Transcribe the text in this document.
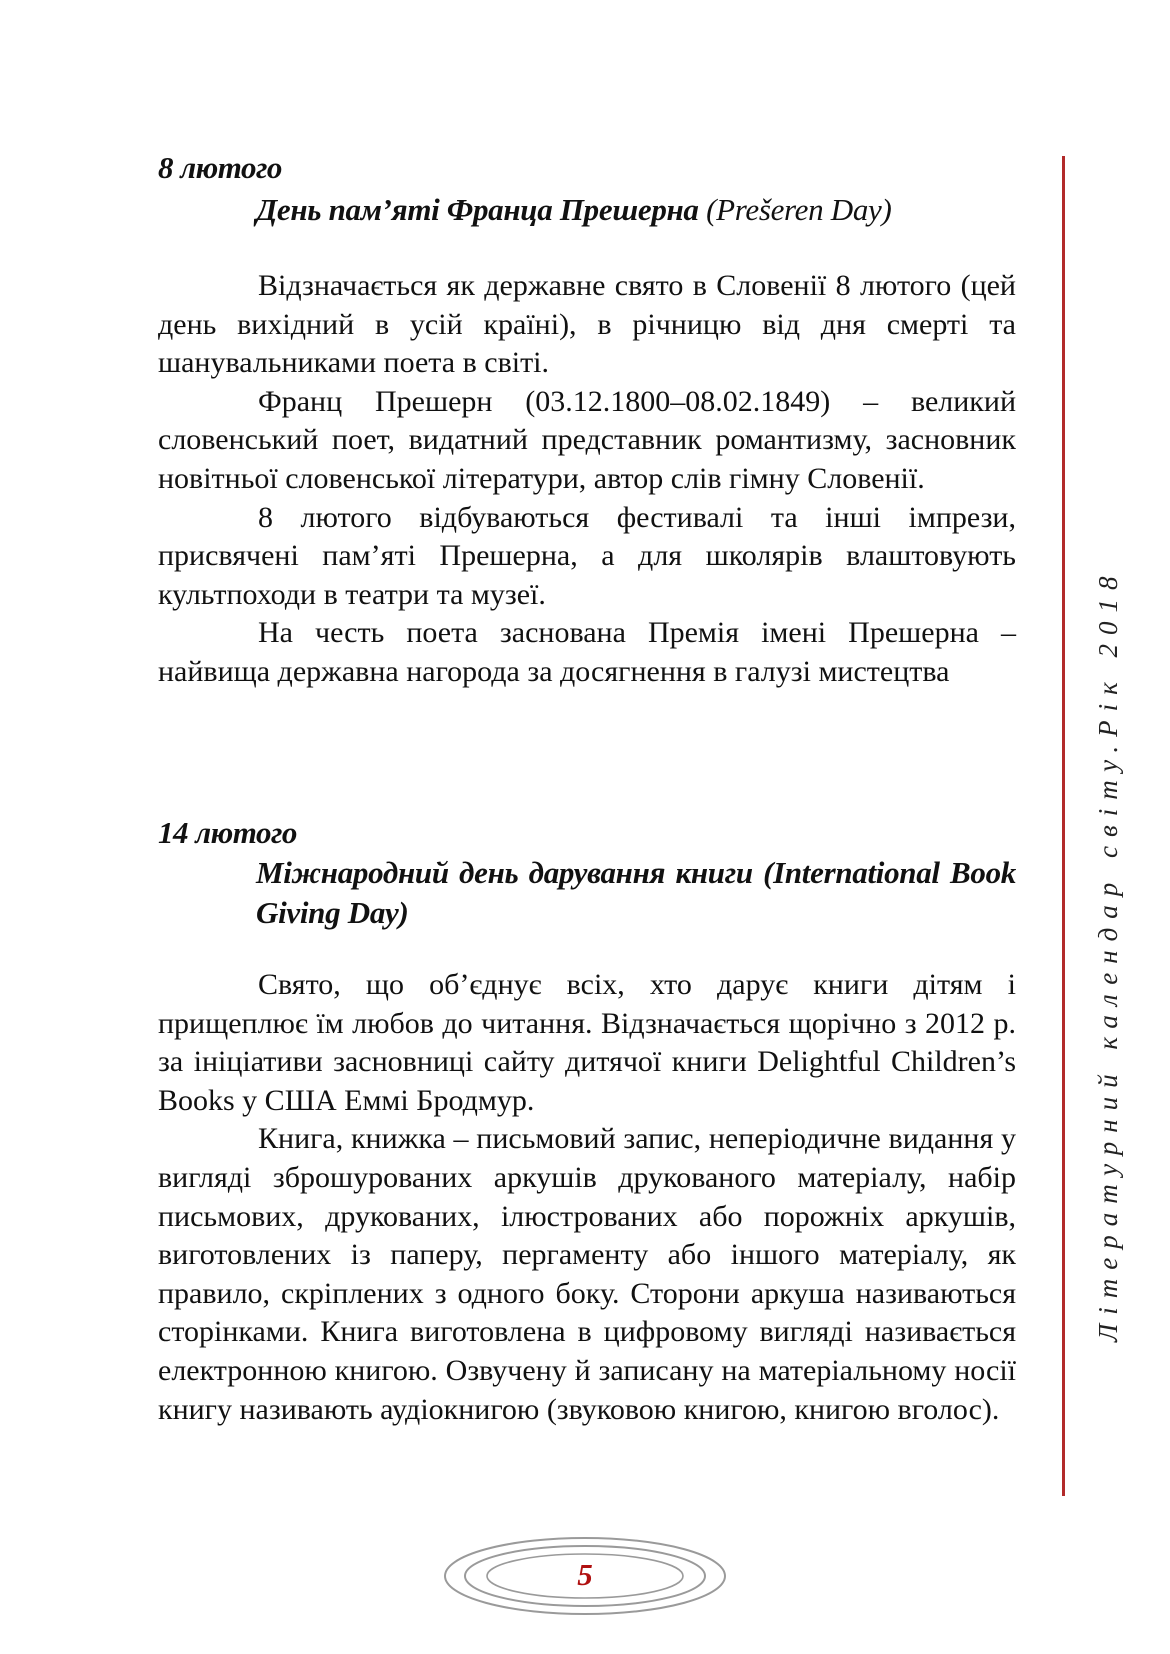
8 лютого
День пам’яті Франца Прешерна (Prešeren Day)

Відзначається як державне свято в Словенії 8 лютого (цей день вихідний в усій країні), в річницю від дня смерті та шанувальниками поета в світі.

Франц Прешерн (03.12.1800–08.02.1849) – великий словенський поет, видатний представник романтизму, засновник новітньої словенської літератури, автор слів гімну Словенії.

8 лютого відбуваються фестивалі та інші імпрези, присвячені пам’яті Прешерна, а для школярів влаштовують культпоходи в театри та музеї.

На честь поета заснована Премія імені Прешерна – найвища державна нагорода за досягнення в галузі мистецтва

14 лютого
Міжнародний день дарування книги (International Book Giving Day)

Свято, що об’єднує всіх, хто дарує книги дітям і прищеплює їм любов до читання. Відзначається щорічно з 2012 р. за ініціативи засновниці сайту дитячої книги Delightful Children’s Books у США Еммі Бродмур.

Книга, книжка – письмовий запис, неперіодичне видання у вигляді зброшурованих аркушів друкованого матеріалу, набір письмових, друкованих, ілюстрованих або порожніх аркушів, виготовлених із паперу, пергаменту або іншого матеріалу, як правило, скріплених з одного боку. Сторони аркуша називаються сторінками. Книга виготовлена в цифровому вигляді називається електронною книгою. Озвучену й записану на матеріальному носії книгу називають аудіокнигою (звуковою книгою, книгою вголос).

Літературний календар світу.Рік 2018
5
